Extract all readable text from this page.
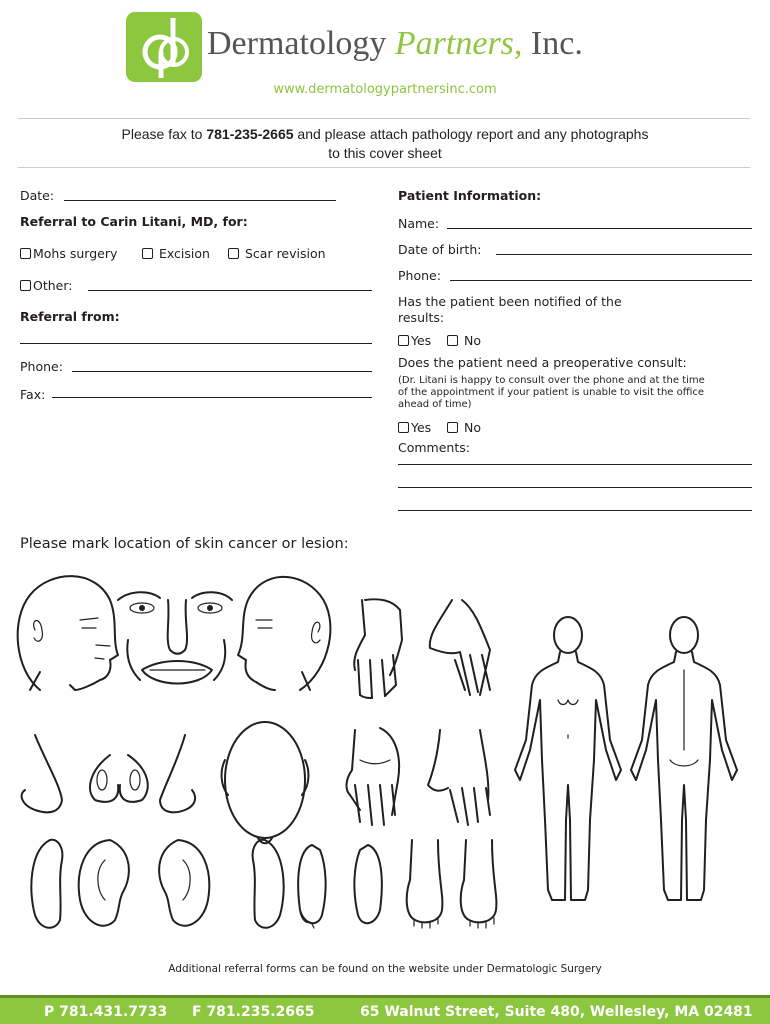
Dermatology Partners, Inc.
www.dermatologypartnersinc.com
Please fax to 781-235-2665 and please attach pathology report and any photographs
to this cover sheet
Date:
Referral to Carin Litani, MD, for:
Mohs surgery	Excision	Scar revision
Other:
Referral from:
Phone:
Fax:
Patient Information:
Name:
Date of birth:
Phone:
Has the patient been notified of the
results:
Yes	No
Does the patient need a preoperative consult:
(Dr. Litani is happy to consult over the phone and at the time
of the appointment if your patient is unable to visit the office
ahead of time)
Yes	No
Comments:
Please mark location of skin cancer or lesion:
Additional referral forms can be found on the website under Dermatologic Surgery
P 781.431.7733 F 781.235.2665	65 Walnut Street, Suite 480, Wellesley, MA 02481
